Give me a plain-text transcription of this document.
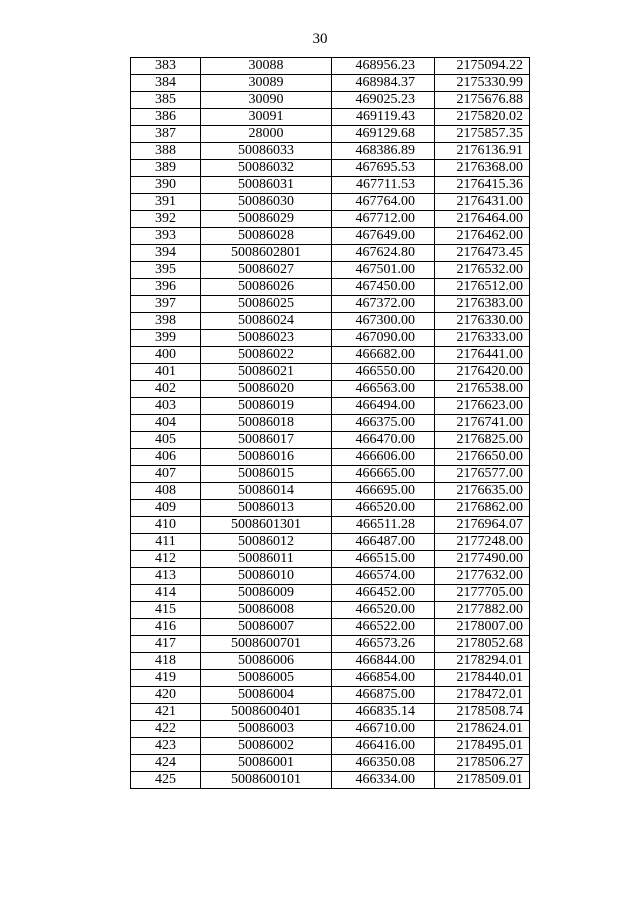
30
383	30088	468956.23	2175094.22
384	30089	468984.37	2175330.99
385	30090	469025.23	2175676.88
386	30091	469119.43	2175820.02
387	28000	469129.68	2175857.35
388	50086033	468386.89	2176136.91
389	50086032	467695.53	2176368.00
390	50086031	467711.53	2176415.36
391	50086030	467764.00	2176431.00
392	50086029	467712.00	2176464.00
393	50086028	467649.00	2176462.00
394	5008602801	467624.80	2176473.45
395	50086027	467501.00	2176532.00
396	50086026	467450.00	2176512.00
397	50086025	467372.00	2176383.00
398	50086024	467300.00	2176330.00
399	50086023	467090.00	2176333.00
400	50086022	466682.00	2176441.00
401	50086021	466550.00	2176420.00
402	50086020	466563.00	2176538.00
403	50086019	466494.00	2176623.00
404	50086018	466375.00	2176741.00
405	50086017	466470.00	2176825.00
406	50086016	466606.00	2176650.00
407	50086015	466665.00	2176577.00
408	50086014	466695.00	2176635.00
409	50086013	466520.00	2176862.00
410	5008601301	466511.28	2176964.07
411	50086012	466487.00	2177248.00
412	50086011	466515.00	2177490.00
413	50086010	466574.00	2177632.00
414	50086009	466452.00	2177705.00
415	50086008	466520.00	2177882.00
416	50086007	466522.00	2178007.00
417	5008600701	466573.26	2178052.68
418	50086006	466844.00	2178294.01
419	50086005	466854.00	2178440.01
420	50086004	466875.00	2178472.01
421	5008600401	466835.14	2178508.74
422	50086003	466710.00	2178624.01
423	50086002	466416.00	2178495.01
424	50086001	466350.08	2178506.27
425	5008600101	466334.00	2178509.01
